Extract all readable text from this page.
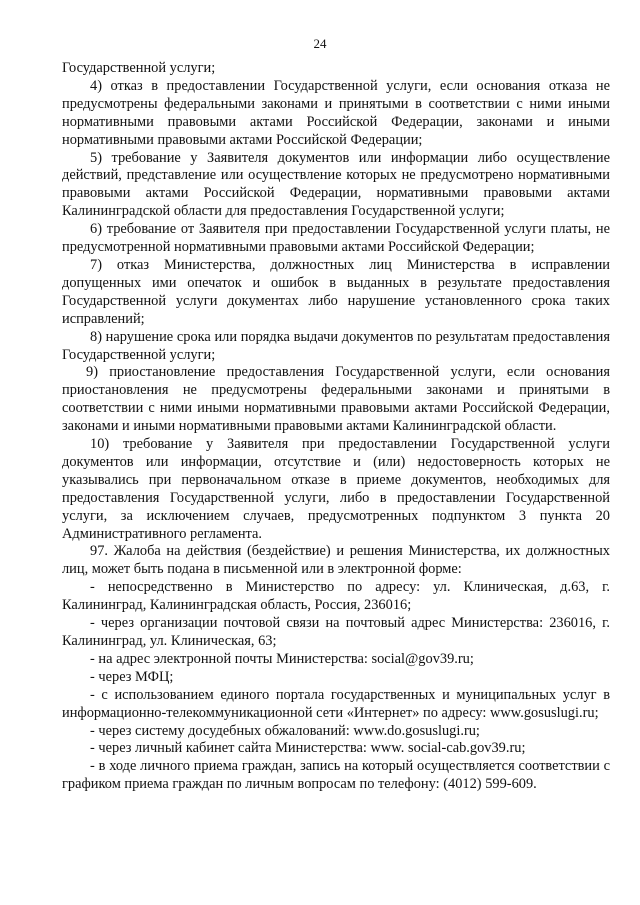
24

Государственной услуги;

4) отказ в предоставлении Государственной услуги, если основания отказа не предусмотрены федеральными законами и принятыми в соответствии с ними иными нормативными правовыми актами Российской Федерации, законами и иными нормативными правовыми актами Российской Федерации;

5) требование у Заявителя документов или информации либо осуществление действий, представление или осуществление которых не предусмотрено нормативными правовыми актами Российской Федерации, нормативными правовыми актами Калининградской области для предоставления Государственной услуги;

6) требование от Заявителя при предоставлении Государственной услуги платы, не предусмотренной нормативными правовыми актами Российской Федерации;

7) отказ Министерства, должностных лиц Министерства в исправлении допущенных ими опечаток и ошибок в выданных в результате предоставления Государственной услуги документах либо нарушение установленного срока таких исправлений;

8) нарушение срока или порядка выдачи документов по результатам предоставления Государственной услуги;

9) приостановление предоставления Государственной услуги, если основания приостановления не предусмотрены федеральными законами и принятыми в соответствии с ними иными нормативными правовыми актами Российской Федерации, законами и иными нормативными правовыми актами Калининградской области.

10) требование у Заявителя при предоставлении Государственной услуги документов или информации, отсутствие и (или) недостоверность которых не указывались при первоначальном отказе в приеме документов, необходимых для предоставления Государственной услуги, либо в предоставлении Государственной услуги, за исключением случаев, предусмотренных подпунктом 3 пункта 20 Административного регламента.

97. Жалоба на действия (бездействие) и решения Министерства, их должностных лиц, может быть подана в письменной или в электронной форме:

- непосредственно в Министерство по адресу: ул. Клиническая, д.63, г. Калининград, Калининградская область, Россия, 236016;

- через организации почтовой связи на почтовый адрес Министерства: 236016, г. Калининград, ул. Клиническая, 63;

- на адрес электронной почты Министерства: social@gov39.ru;

- через МФЦ;

- с использованием единого портала государственных и муниципальных услуг в информационно-телекоммуникационной сети «Интернет» по адресу: www.gosuslugi.ru;

- через систему досудебных обжалований: www.do.gosuslugi.ru;

- через личный кабинет сайта Министерства: www. social-cab.gov39.ru;

- в ходе личного приема граждан, запись на который осуществляется соответствии с графиком приема граждан по личным вопросам по телефону: (4012) 599-609.
